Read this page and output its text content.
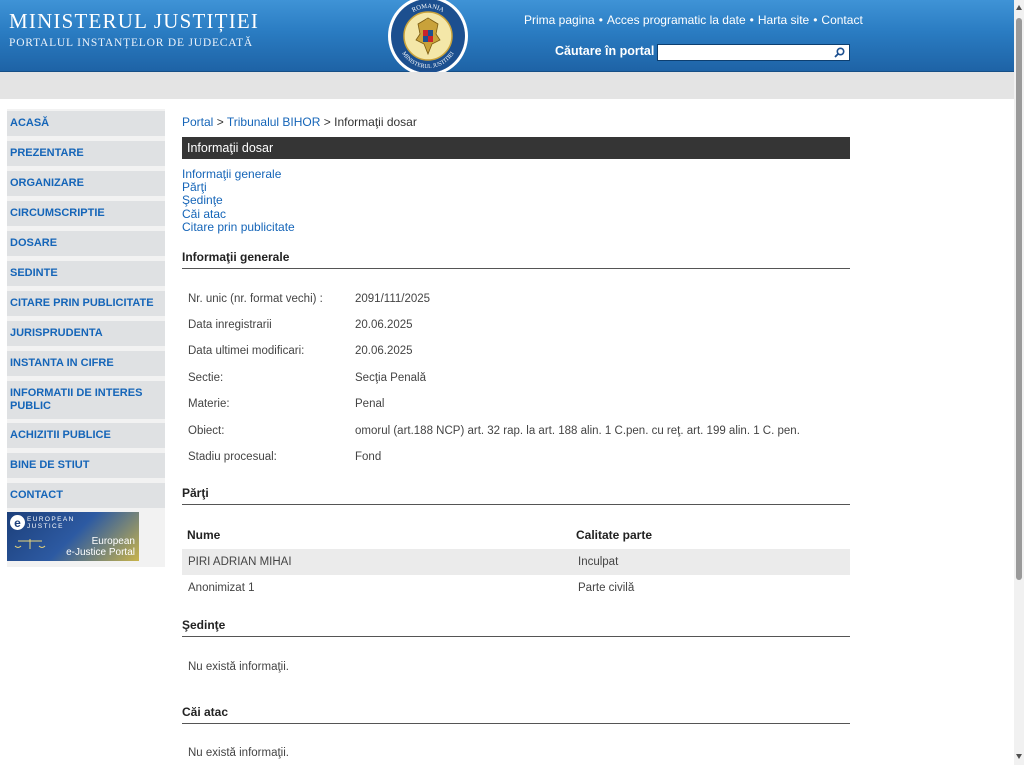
MINISTERUL JUSTIȚIEI
PORTALUL INSTANȚELOR DE JUDECATĂ
ROMANIA
MINISTERUL JUSTITIEI
Prima pagina • Acces programatic la date • Harta site • Contact
Căutare în portal
ACASĂ
PREZENTARE
ORGANIZARE
CIRCUMSCRIPTIE
DOSARE
SEDINTE
CITARE PRIN PUBLICITATE
JURISPRUDENTA
INSTANTA IN CIFRE
INFORMATII DE INTERES PUBLIC
ACHIZITII PUBLICE
BINE DE STIUT
CONTACT
e EUROPEAN
JUSTICE
European
e-Justice Portal
Portal > Tribunalul BIHOR > Informaţii dosar
Informaţii dosar
Informaţii generale
Părţi
Şedinţe
Căi atac
Citare prin publicitate
Informaţii generale
Nr. unic (nr. format vechi) :	2091/111/2025
Data inregistrarii	20.06.2025
Data ultimei modificari:	20.06.2025
Sectie:	Secţia Penală
Materie:	Penal
Obiect:	omorul (art.188 NCP) art. 32 rap. la art. 188 alin. 1 C.pen. cu reţ. art. 199 alin. 1 C. pen.
Stadiu procesual:	Fond
Părţi
Nume	Calitate parte
PIRI ADRIAN MIHAI	Inculpat
Anonimizat 1	Parte civilă
Şedinţe
Nu există informaţii.
Căi atac
Nu există informaţii.
